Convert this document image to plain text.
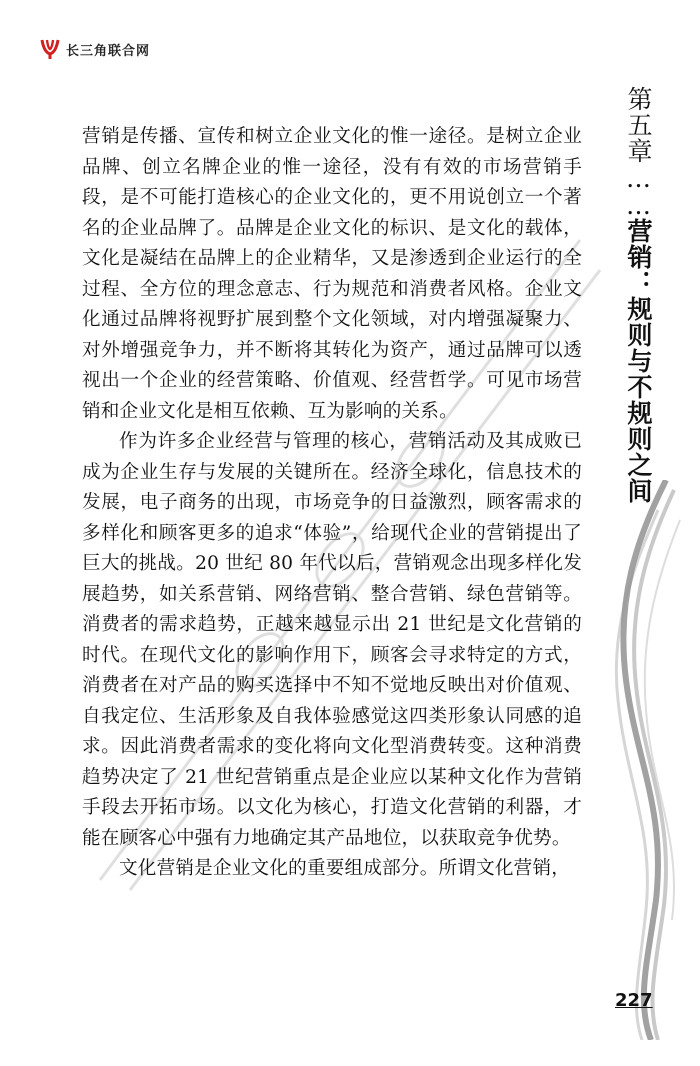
长三角联合网
第五章……营销：规则与不规则之间

营销是传播、宣传和树立企业文化的惟一途径。是树立企业品牌、创立名牌企业的惟一途径，没有有效的市场营销手段，是不可能打造核心的企业文化的，更不用说创立一个著名的企业品牌了。品牌是企业文化的标识、是文化的载体，文化是凝结在品牌上的企业精华，又是渗透到企业运行的全过程、全方位的理念意志、行为规范和消费者风格。企业文化通过品牌将视野扩展到整个文化领域，对内增强凝聚力、对外增强竞争力，并不断将其转化为资产，通过品牌可以透视出一个企业的经营策略、价值观、经营哲学。可见市场营销和企业文化是相互依赖、互为影响的关系。

作为许多企业经营与管理的核心，营销活动及其成败已成为企业生存与发展的关键所在。经济全球化，信息技术的发展，电子商务的出现，市场竞争的日益激烈，顾客需求的多样化和顾客更多的追求“体验”，给现代企业的营销提出了巨大的挑战。20 世纪 80 年代以后，营销观念出现多样化发展趋势，如关系营销、网络营销、整合营销、绿色营销等。消费者的需求趋势，正越来越显示出 21 世纪是文化营销的时代。在现代文化的影响作用下，顾客会寻求特定的方式，消费者在对产品的购买选择中不知不觉地反映出对价值观、自我定位、生活形象及自我体验感觉这四类形象认同感的追求。因此消费者需求的变化将向文化型消费转变。这种消费趋势决定了 21 世纪营销重点是企业应以某种文化作为营销手段去开拓市场。以文化为核心，打造文化营销的利器，才能在顾客心中强有力地确定其产品地位，以获取竞争优势。

文化营销是企业文化的重要组成部分。所谓文化营销，

227
